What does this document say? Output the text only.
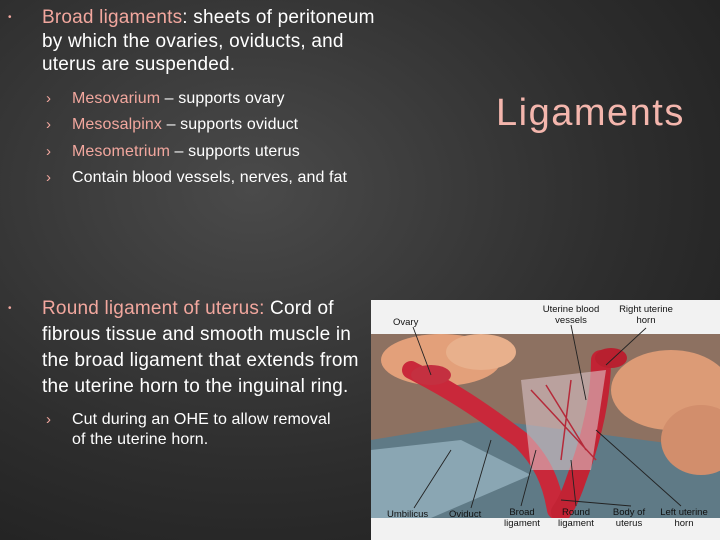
Ligaments
• Broad ligaments: sheets of peritoneum by which the ovaries, oviducts, and uterus are suspended.
› Mesovarium – supports ovary
› Mesosalpinx – supports oviduct
› Mesometrium – supports uterus
› Contain blood vessels, nerves, and fat
• Round ligament of uterus: Cord of fibrous tissue and smooth muscle in the broad ligament that extends from the uterine horn to the inguinal ring.
› Cut during an OHE to allow removal of the uterine horn.
Ovary
Uterine blood vessels
Right uterine horn
Umbilicus Oviduct	Broad ligament
Round ligament
Body of uterus
Left uterine horn
